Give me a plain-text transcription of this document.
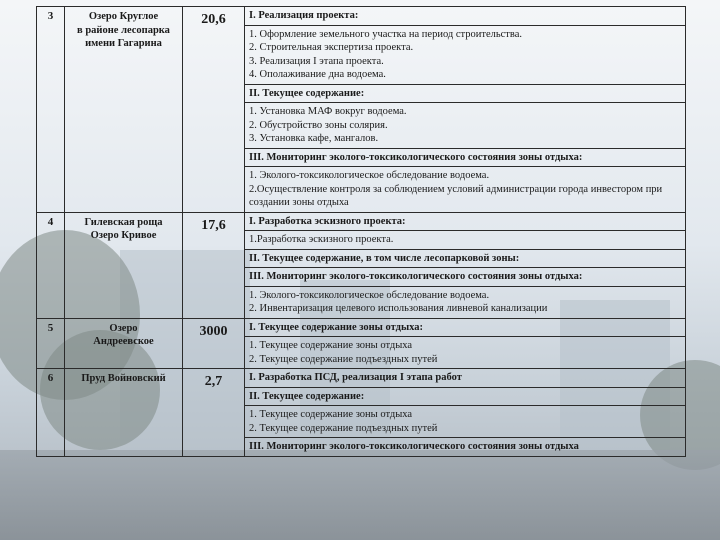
3	Озеро Круглое
в районе лесопарка
имени Гагарина	20,6	I. Реализация проекта:

			1. Оформление земельного участка на период строительства.
2. Строительная экспертиза проекта.
3. Реализация I этапа проекта.
4. Ополаживание дна водоема.

			II. Текущее содержание:

			1. Установка МАФ вокруг водоема.
2. Обустройство зоны солярия.
3. Установка кафе, мангалов.

			III. Мониторинг эколого-токсикологического состояния зоны отдыха:

			1. Эколого-токсикологическое обследование водоема.
2.Осуществление контроля за соблюдением условий администрации города инвестором при создании зоны отдыха

4	Гилевская роща
Озеро Кривое	17,6	I. Разработка эскизного проекта:

			1.Разработка эскизного проекта.

			II. Текущее содержание, в том числе лесопарковой зоны:
			III. Мониторинг эколого-токсикологического состояния зоны отдыха:

			1. Эколого-токсикологическое обследование водоема.
2. Инвентаризация целевого использования ливневой канализации

5	Озеро
Андреевское	3000	I. Текущее содержание зоны отдыха:

			1. Текущее содержание зоны отдыха
2. Текущее содержание подъездных путей

6	Пруд Войновский	2,7	I. Разработка ПСД, реализация I этапа работ
			II. Текущее содержание:

			1. Текущее содержание зоны отдыха
2. Текущее содержание подъездных путей

			III. Мониторинг эколого-токсикологического состояния зоны отдыха
